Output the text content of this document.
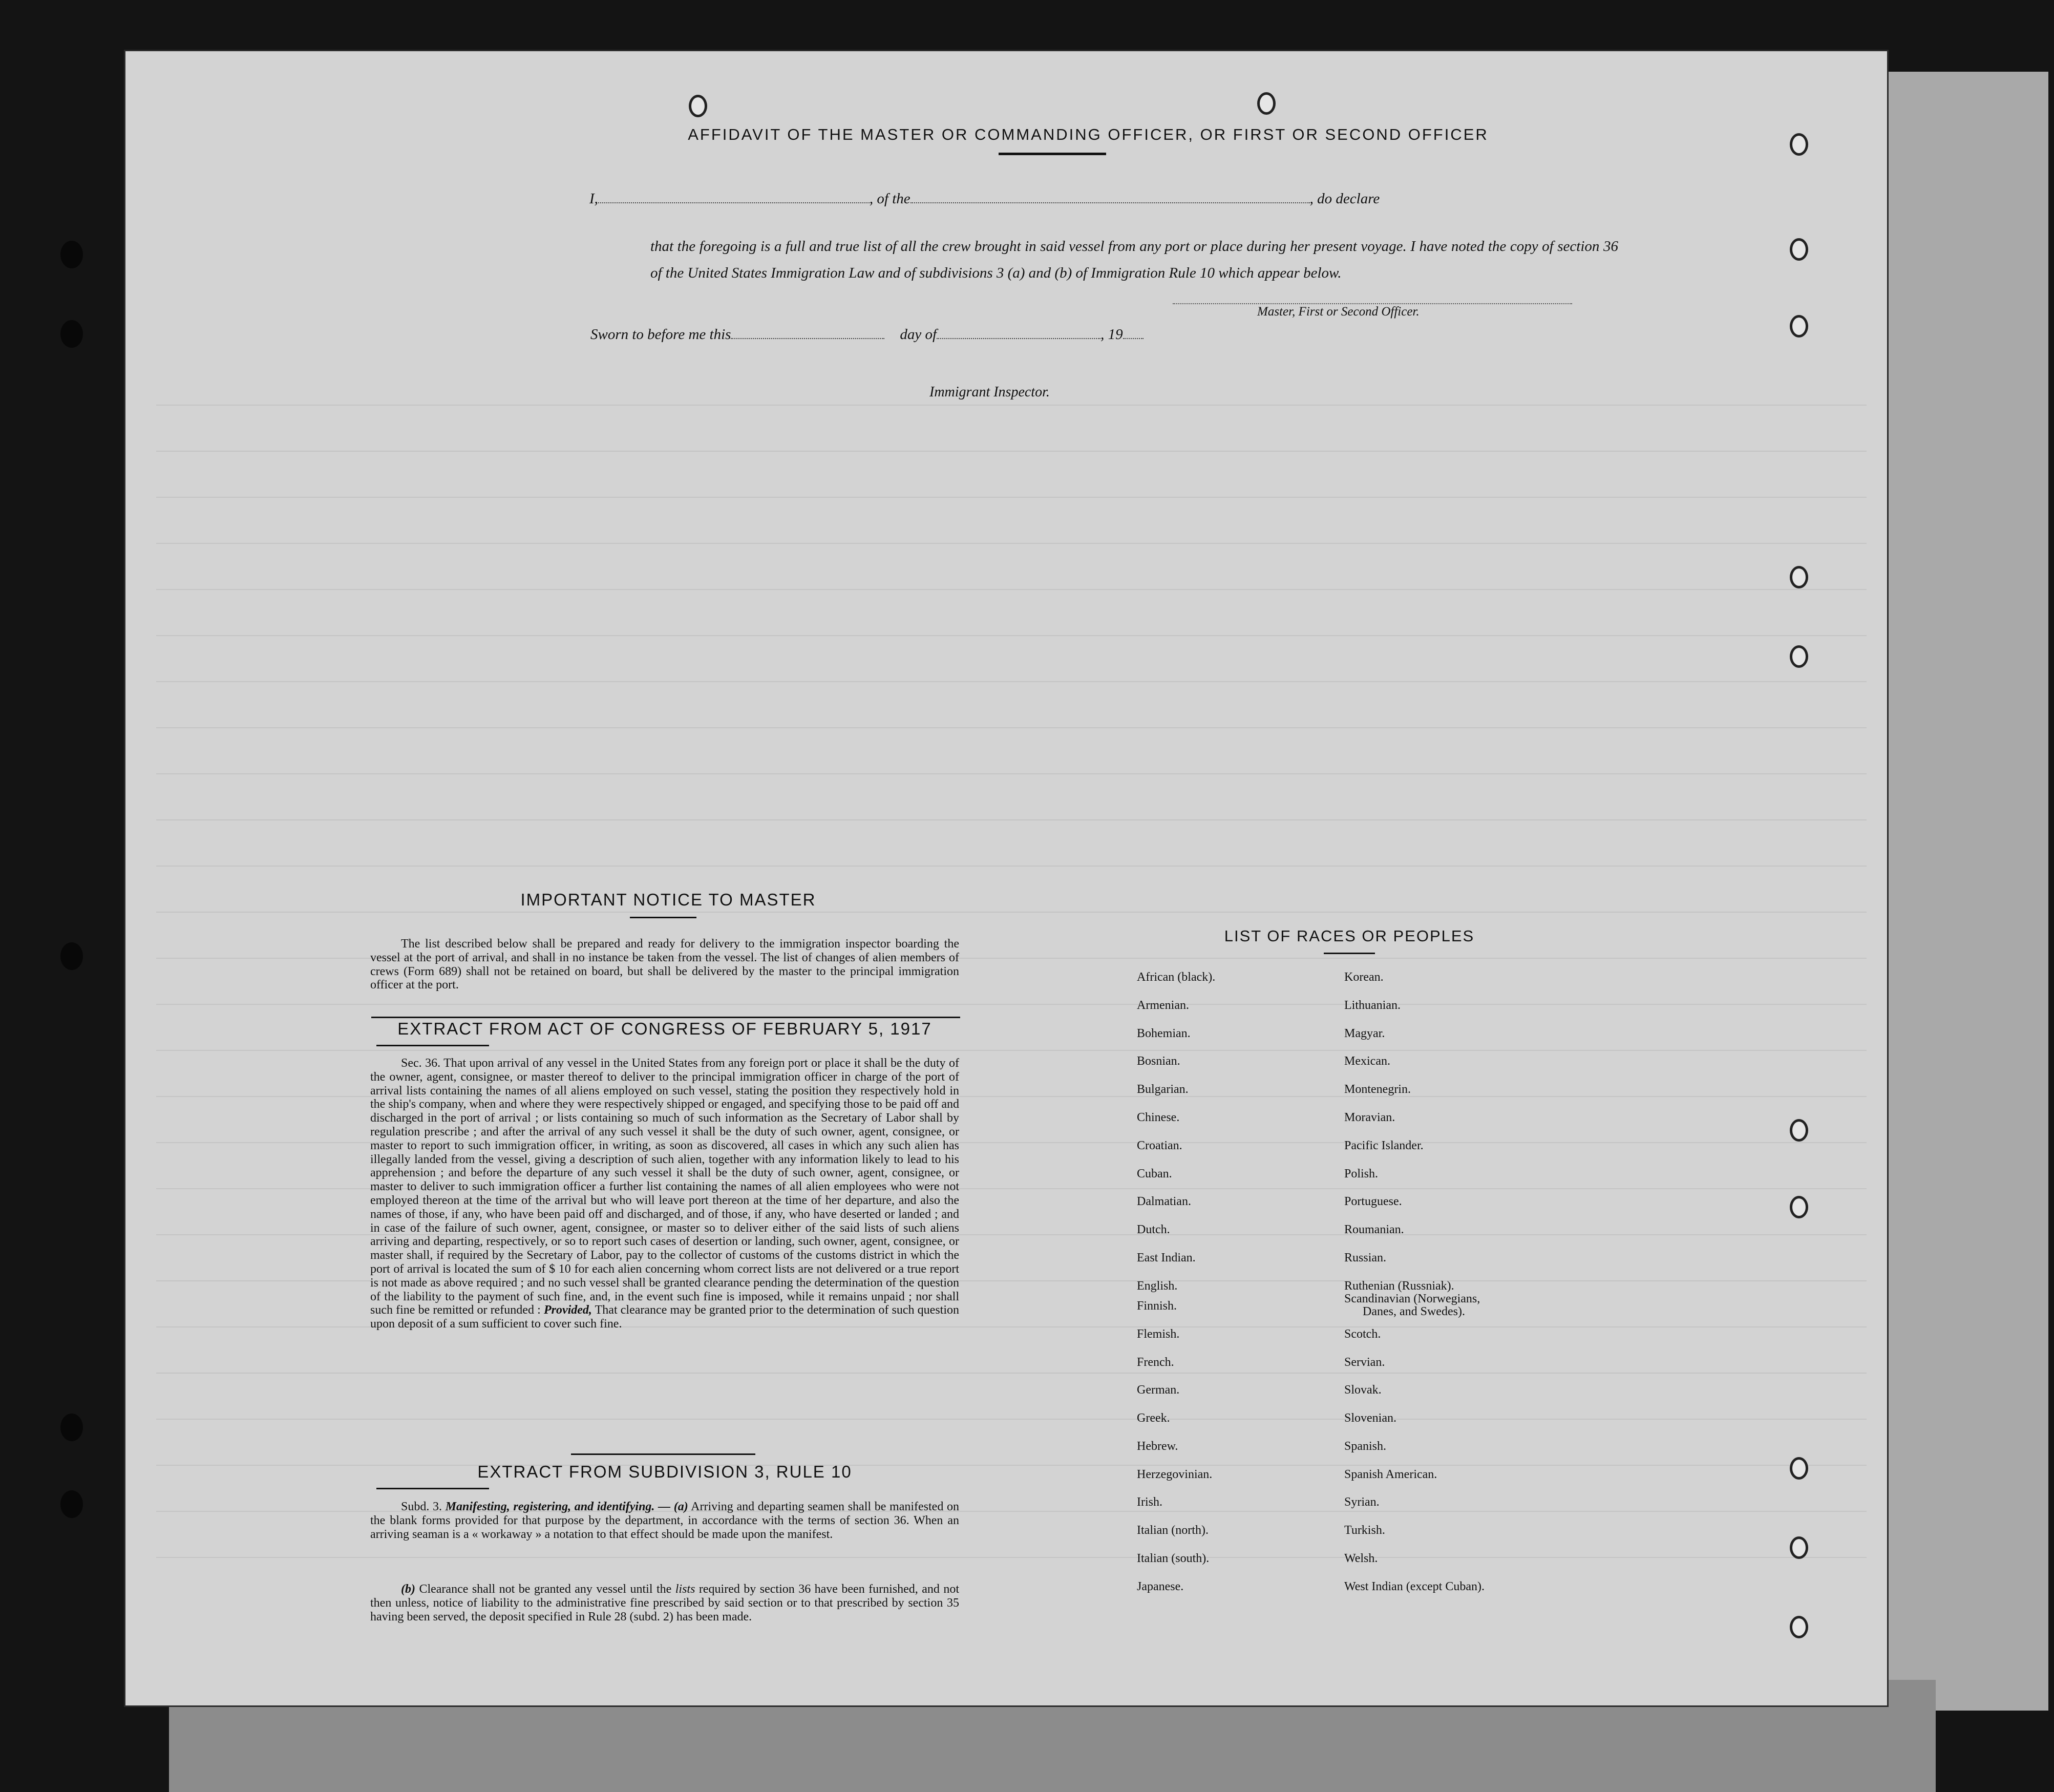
AFFIDAVIT OF THE MASTER OR COMMANDING OFFICER, OR FIRST OR SECOND OFFICER
I,	, of the	, do declare

that the foregoing is a full and true list of all the crew brought in said vessel from any port or place during her present voyage. I have noted the copy of section 36 of the United States Immigration Law and of subdivisions 3 (a) and (b) of Immigration Rule 10 which appear below.

Master, First or Second Officer.
Sworn to before me this	day of	, 19
Immigrant Inspector.
IMPORTANT NOTICE TO MASTER

The list described below shall be prepared and ready for delivery to the immigration inspector boarding the vessel at the port of arrival, and shall in no instance be taken from the vessel. The list of changes of alien members of crews (Form 689) shall not be retained on board, but shall be delivered by the master to the principal immigration officer at the port.

EXTRACT FROM ACT OF CONGRESS OF FEBRUARY 5, 1917

Sec. 36. That upon arrival of any vessel in the United States from any foreign port or place it shall be the duty of the owner, agent, consignee, or master thereof to deliver to the principal immigration officer in charge of the port of arrival lists containing the names of all aliens employed on such vessel, stating the position they respectively hold in the ship's company, when and where they were respectively shipped or engaged, and specifying those to be paid off and discharged in the port of arrival ; or lists containing so much of such information as the Secretary of Labor shall by regulation prescribe ; and after the arrival of any such vessel it shall be the duty of such owner, agent, consignee, or master to report to such immigration officer, in writing, as soon as discovered, all cases in which any such alien has illegally landed from the vessel, giving a description of such alien, together with any information likely to lead to his apprehension ; and before the departure of any such vessel it shall be the duty of such owner, agent, consignee, or master to deliver to such immigration officer a further list containing the names of all alien employees who were not employed thereon at the time of the arrival but who will leave port thereon at the time of her departure, and also the names of those, if any, who have been paid off and discharged, and of those, if any, who have deserted or landed ; and in case of the failure of such owner, agent, consignee, or master so to deliver either of the said lists of such aliens arriving and departing, respectively, or so to report such cases of desertion or landing, such owner, agent, consignee, or master shall, if required by the Secretary of Labor, pay to the collector of customs of the customs district in which the port of arrival is located the sum of $ 10 for each alien concerning whom correct lists are not delivered or a true report is not made as above required ; and no such vessel shall be granted clearance pending the determination of the question of the liability to the payment of such fine, and, in the event such fine is imposed, while it remains unpaid ; nor shall such fine be remitted or refunded : Provided, That clearance may be granted prior to the determination of such question upon deposit of a sum sufficient to cover such fine.

EXTRACT FROM SUBDIVISION 3, RULE 10

Subd. 3. Manifesting, registering, and identifying. — (a) Arriving and departing seamen shall be manifested on the blank forms provided for that purpose by the department, in accordance with the terms of section 36. When an arriving seaman is a « workaway » a notation to that effect should be made upon the manifest.

(b) Clearance shall not be granted any vessel until the lists required by section 36 have been furnished, and not then unless, notice of liability to the administrative fine prescribed by said section or to that prescribed by section 35 having been served, the deposit specified in Rule 28 (subd. 2) has been made.

LIST OF RACES OR PEOPLES
African (black).
Armenian.
Bohemian.
Bosnian.
Bulgarian.
Chinese.
Croatian.
Cuban.
Dalmatian.
Dutch.
East Indian.
English.
Finnish.
Flemish.
French.
German.
Greek.
Hebrew.
Herzegovinian.
Irish.
Italian (north).
Italian (south).
Japanese.
Korean.
Lithuanian.
Magyar.
Mexican.
Montenegrin.
Moravian.
Pacific Islander.
Polish.
Portuguese.
Roumanian.
Russian.
Ruthenian (Russniak).
Scandinavian (Norwegians,
Danes, and Swedes).
Scotch.
Servian.
Slovak.
Slovenian.
Spanish.
Spanish American.
Syrian.
Turkish.
Welsh.
West Indian (except Cuban).
